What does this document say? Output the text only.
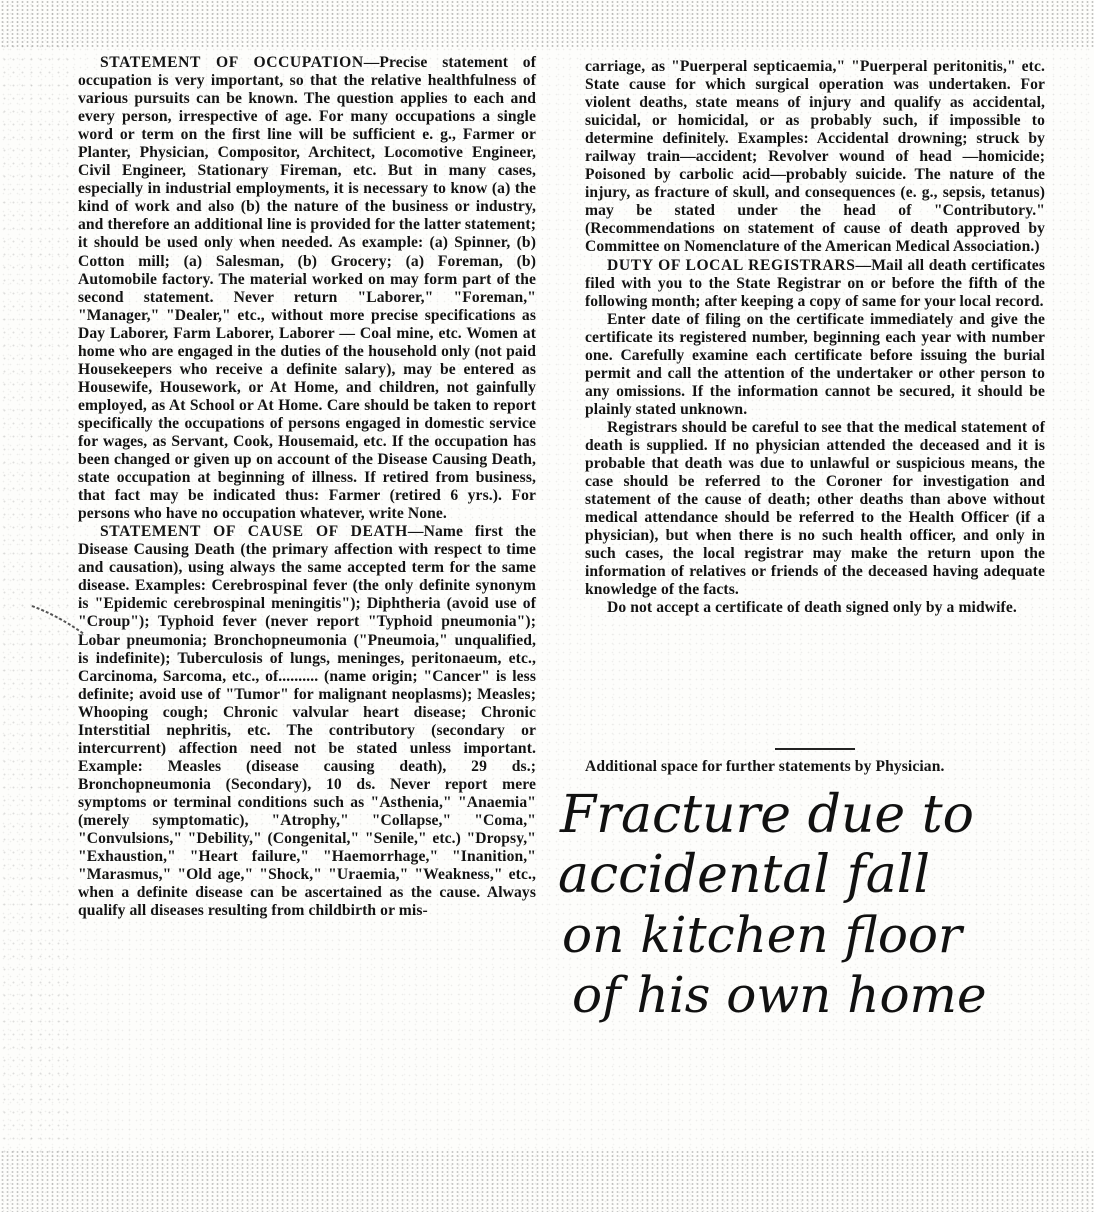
STATEMENT OF OCCUPATION—Precise statement of occupation is very important, so that the relative healthfulness of various pursuits can be known. The question applies to each and every person, irrespective of age. For many occupations a single word or term on the first line will be sufficient e. g., Farmer or Planter, Physician, Compositor, Architect, Locomotive Engineer, Civil Engineer, Stationary Fireman, etc. But in many cases, especially in industrial employments, it is necessary to know (a) the kind of work and also (b) the nature of the business or industry, and therefore an additional line is provided for the latter statement; it should be used only when needed. As example: (a) Spinner, (b) Cotton mill; (a) Salesman, (b) Grocery; (a) Foreman, (b) Automobile factory. The material worked on may form part of the second statement. Never return "Laborer," "Foreman," "Manager," "Dealer," etc., without more precise specifications as Day Laborer, Farm Laborer, Laborer — Coal mine, etc. Women at home who are engaged in the duties of the household only (not paid Housekeepers who receive a definite salary), may be entered as Housewife, Housework, or At Home, and children, not gainfully employed, as At School or At Home. Care should be taken to report specifically the occupations of persons engaged in domestic service for wages, as Servant, Cook, Housemaid, etc. If the occupation has been changed or given up on account of the Disease Causing Death, state occupation at beginning of illness. If retired from business, that fact may be indicated thus: Farmer (retired 6 yrs.). For persons who have no occupation whatever, write None.

STATEMENT OF CAUSE OF DEATH—Name first the Disease Causing Death (the primary affection with respect to time and causation), using always the same accepted term for the same disease. Examples: Cerebrospinal fever (the only definite synonym is "Epidemic cerebrospinal meningitis"); Diphtheria (avoid use of "Croup"); Typhoid fever (never report "Typhoid pneumonia"); Lobar pneumonia; Bronchopneumonia ("Pneumoia," unqualified, is indefinite); Tuberculosis of lungs, meninges, peritonaeum, etc., Carcinoma, Sarcoma, etc., of.......... (name origin; "Cancer" is less definite; avoid use of "Tumor" for malignant neoplasms); Measles; Whooping cough; Chronic valvular heart disease; Chronic Interstitial nephritis, etc. The contributory (secondary or intercurrent) affection need not be stated unless important. Example: Measles (disease causing death), 29 ds.; Bronchopneumonia (Secondary), 10 ds. Never report mere symptoms or terminal conditions such as "Asthenia," "Anaemia" (merely symptomatic), "Atrophy," "Collapse," "Coma," "Convulsions," "Debility," (Congenital," "Senile," etc.) "Dropsy," "Exhaustion," "Heart failure," "Haemorrhage," "Inanition," "Marasmus," "Old age," "Shock," "Uraemia," "Weakness," etc., when a definite disease can be ascertained as the cause. Always qualify all diseases resulting from childbirth or mis-

carriage, as "Puerperal septicaemia," "Puerperal peritonitis," etc. State cause for which surgical operation was undertaken. For violent deaths, state means of injury and qualify as accidental, suicidal, or homicidal, or as probably such, if impossible to determine definitely. Examples: Accidental drowning; struck by railway train—accident; Revolver wound of head —homicide; Poisoned by carbolic acid—probably suicide. The nature of the injury, as fracture of skull, and consequences (e. g., sepsis, tetanus) may be stated under the head of "Contributory." (Recommendations on statement of cause of death approved by Committee on Nomenclature of the American Medical Association.)

DUTY OF LOCAL REGISTRARS—Mail all death certificates filed with you to the State Registrar on or before the fifth of the following month; after keeping a copy of same for your local record.

Enter date of filing on the certificate immediately and give the certificate its registered number, beginning each year with number one. Carefully examine each certificate before issuing the burial permit and call the attention of the undertaker or other person to any omissions. If the information cannot be secured, it should be plainly stated unknown.

Registrars should be careful to see that the medical statement of death is supplied. If no physician attended the deceased and it is probable that death was due to unlawful or suspicious means, the case should be referred to the Coroner for investigation and statement of the cause of death; other deaths than above without medical attendance should be referred to the Health Officer (if a physician), but when there is no such health officer, and only in such cases, the local registrar may make the return upon the information of relatives or friends of the deceased having adequate knowledge of the facts.

Do not accept a certificate of death signed only by a midwife.

Additional space for further statements by Physician.
Fracture due to
accidental fall
on kitchen floor
of his own home
